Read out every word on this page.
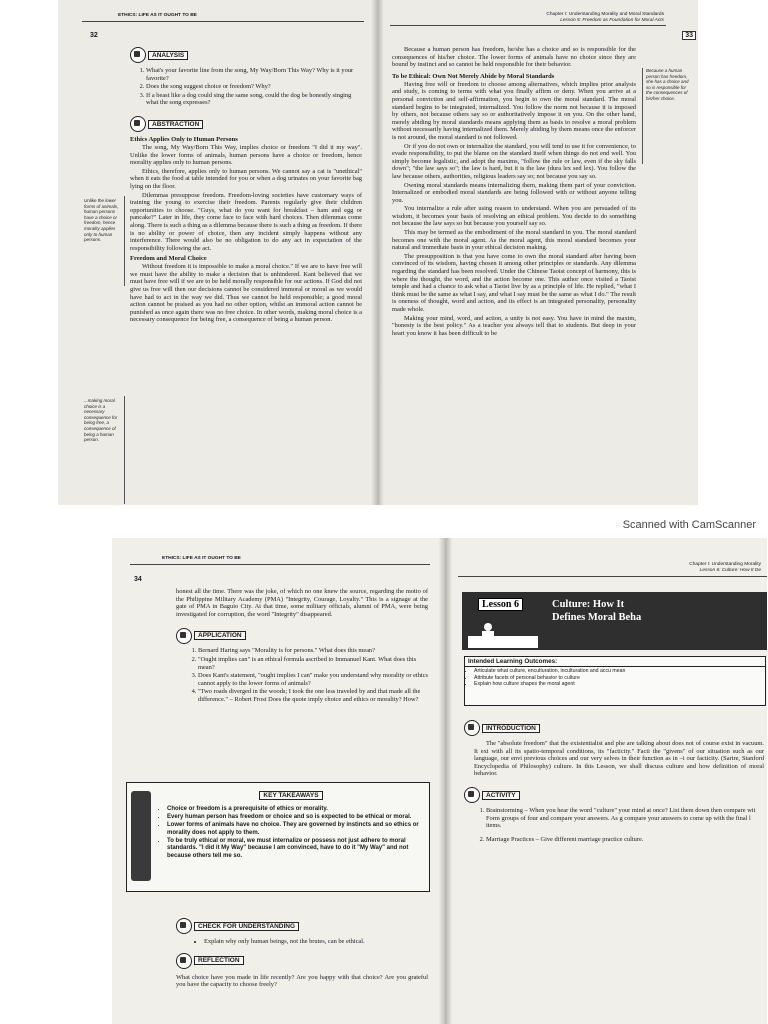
ETHICS: LIFE AS IT OUGHT TO BE
32
ANALYSIS
1. What's your favorite line from the song, My Way/Born This Way? Why is it your favorite?
2. Does the song suggest choice or freedom? Why?
3. If a beast like a dog could sing the same song, could the dog be honestly singing what the song expresses?
ABSTRACTION
Ethics Applies Only to Human Persons

The song, My Way/Born This Way, implies choice or freedom "I did it my way". Unlike the lower forms of animals, human persons have a choice or freedom, hence morality applies only to human persons.

Ethics, therefore, applies only to human persons. We cannot say a cat is "unethical" when it eats the food at table intended for you or when a dog urinates on your favorite bag lying on the floor.

Dilemmas presuppose freedom. Freedom-loving societies have customary ways of training the young to exercise their freedom. Parents regularly give their children opportunities to choose. "Guys, what do you want for breakfast – ham and egg or pancake?" Later in life, they come face to face with hard choices. Then dilemmas come along. There is such a thing as a dilemma because there is such a thing as freedom. If there is no ability or power of choice, then any incident simply happens without any interference. There would also be no obligation to do any act in expectation of the responsibility following the act.

Freedom and Moral Choice

Without freedom it is impossible to make a moral choice." If we are to have free will we must have the ability to make a decision that is unhindered. Kant believed that we must have free will if we are to be held morally responsible for our actions. If God did not give us free will then our decisions cannot be considered immoral or moral as we would have had to act in the way we did. Thus we cannot be held responsible; a good moral action cannot be praised as you had no other option, whilst an immoral action cannot be punished as once again there was no free choice. In other words, making moral choice is a necessary consequence for being free, a consequence of being a human person.

Unlike the lower forms of animals, human persons have a choice or freedom, hence morality applies only to human persons.
...making moral choice is a necessary consequence for being free, a consequence of being a human person.
Chapter I: Understanding Morality and Moral Standards
Lesson 5: Freedom as Foundation for Moral Acts
33

Because a human person has freedom, he/she has a choice and so is responsible for the consequences of his/her choice. The lower forms of animals have no choice since they are bound by instinct and so cannot be held responsible for their behavior.

To be Ethical: Own Not Merely Abide by Moral Standards

Having free will or freedom to choose among alternatives, which implies prior analysis and study, is coming to terms with what you finally affirm or deny. When you arrive at a personal conviction and self-affirmation, you begin to own the moral standard. The moral standard begins to be integrated, internalized. You follow the norm not because it is imposed by others, not because others say so or authoritatively impose it on you. On the other hand, merely abiding by moral standards means applying them as basis to resolve a moral problem without necessarily having internalized them. Merely abiding by them means once the enforcer is not around, the moral standard is not followed.

Or if you do not own or internalize the standard, you will tend to use it for convenience, to evade responsibility, to put the blame on the standard itself when things do not end well. You simply become legalistic, and adopt the maxims, "follow the rule or law, even if the sky falls down"; "the law says so"; the law is hard, but it is the law (dura lex sed lex). You follow the law because others, authorities, religious leaders say so; not because you say so.

Owning moral standards means internalizing them, making them part of your conviction. Internalized or embodied moral standards are being followed with or without anyone telling you.

You internalize a rule after using reason to understand. When you are persuaded of its wisdom, it becomes your basis of resolving an ethical problem. You decide to do something not because the law says so but because you yourself say so.

This may be termed as the embodiment of the moral standard in you. The moral standard becomes one with the moral agent. As the moral agent, this moral standard becomes your natural and immediate basis in your ethical decision making.

The presupposition is that you have come to own the moral standard after having been convinced of its wisdom, having chosen it among other principles or standards. Any dilemma regarding the standard has been resolved. Under the Chinese Taoist concept of harmony, this is where the thought, the word, and the action become one. This author once visited a Taoist temple and had a chance to ask what a Taoist live by as a principle of life. He replied, "what I think must be the same as what I say, and what I say must be the same as what I do." The result is oneness of thought, word and action, and its effect is an integrated personality, personality made whole.

Making your mind, word, and action, a unity is not easy. You have in mind the maxim, "honesty is the best policy." As a teacher you always tell that to students. But deep in your heart you know it has been difficult to be

Because a human person has freedom, she has a choice and so is responsible for the consequences of his/her choice.
Scanned with CamScanner
ETHICS: LIFE AS IT OUGHT TO BE
34

honest all the time. There was the joke, of which no one knew the source, regarding the motto of the Philippine Military Academy (PMA) "Integrity, Courage, Loyalty." This is a signage at the gate of PMA in Baguio City. At that time, some military officials, alumni of PMA, were being investigated for corruption, the word "Integrity" disappeared.

APPLICATION
1. Bernard Haring says "Morality is for persons." What does this mean?
2. "Ought implies can" is an ethical formula ascribed to Immanuel Kant. What does this mean?
3. Does Kant's statement, "ought implies I can" make you understand why morality or ethics cannot apply to the lower forms of animals?
4. "Two roads diverged in the woods; I took the one less traveled by and that made all the difference." – Robert Frost Does the quote imply choice and ethics or morality? How?
KEY TAKEAWAYS
• Choice or freedom is a prerequisite of ethics or morality.
• Every human person has freedom or choice and so is expected to be ethical or moral.
• Lower forms of animals have no choice. They are governed by instincts and so ethics or morality does not apply to them.
• To be truly ethical or moral, we must internalize or possess not just adhere to moral standards. "I did it My Way" because I am convinced, have to do it "My Way" and not because others tell me so.
CHECK FOR UNDERSTANDING
• Explain why only human beings, not the brutes, can be ethical.
REFLECTION

What choice have you made in life recently? Are you happy with that choice? Are you grateful you have the capacity to choose freely?

Chapter I: Understanding Morality
Lesson 6: Culture: How It De
Lesson 6	Culture: How It
Defines Moral Beha
Intended Learning Outcomes:
• Articulate what culture, enculturation, inculturation and accu mean
• Attribute facets of personal behavior to culture
• Explain how culture shapes the moral agent
INTRODUCTION

The "absolute freedom" that the existentialist and phe are talking about does not of course exist in vacuum. It exi with all its spatio-temporal conditions, its "facticity." Facti the "givens" of our situation such as our language, our envi previous choices and our very selves in their function as in –i our facticity. (Sartre, Stanford Encyclopedia of Philosophy) culture. In this Lesson, we shall discuss culture and how definition of moral behavior.

ACTIVITY
1. Brainstorming – When you hear the word "culture" your mind at once? List them down then compare wit Form groups of four and compare your answers. As g compare your answers to come up with the final l items.
2. Marriage Practices – Give different marriage practice culture.
